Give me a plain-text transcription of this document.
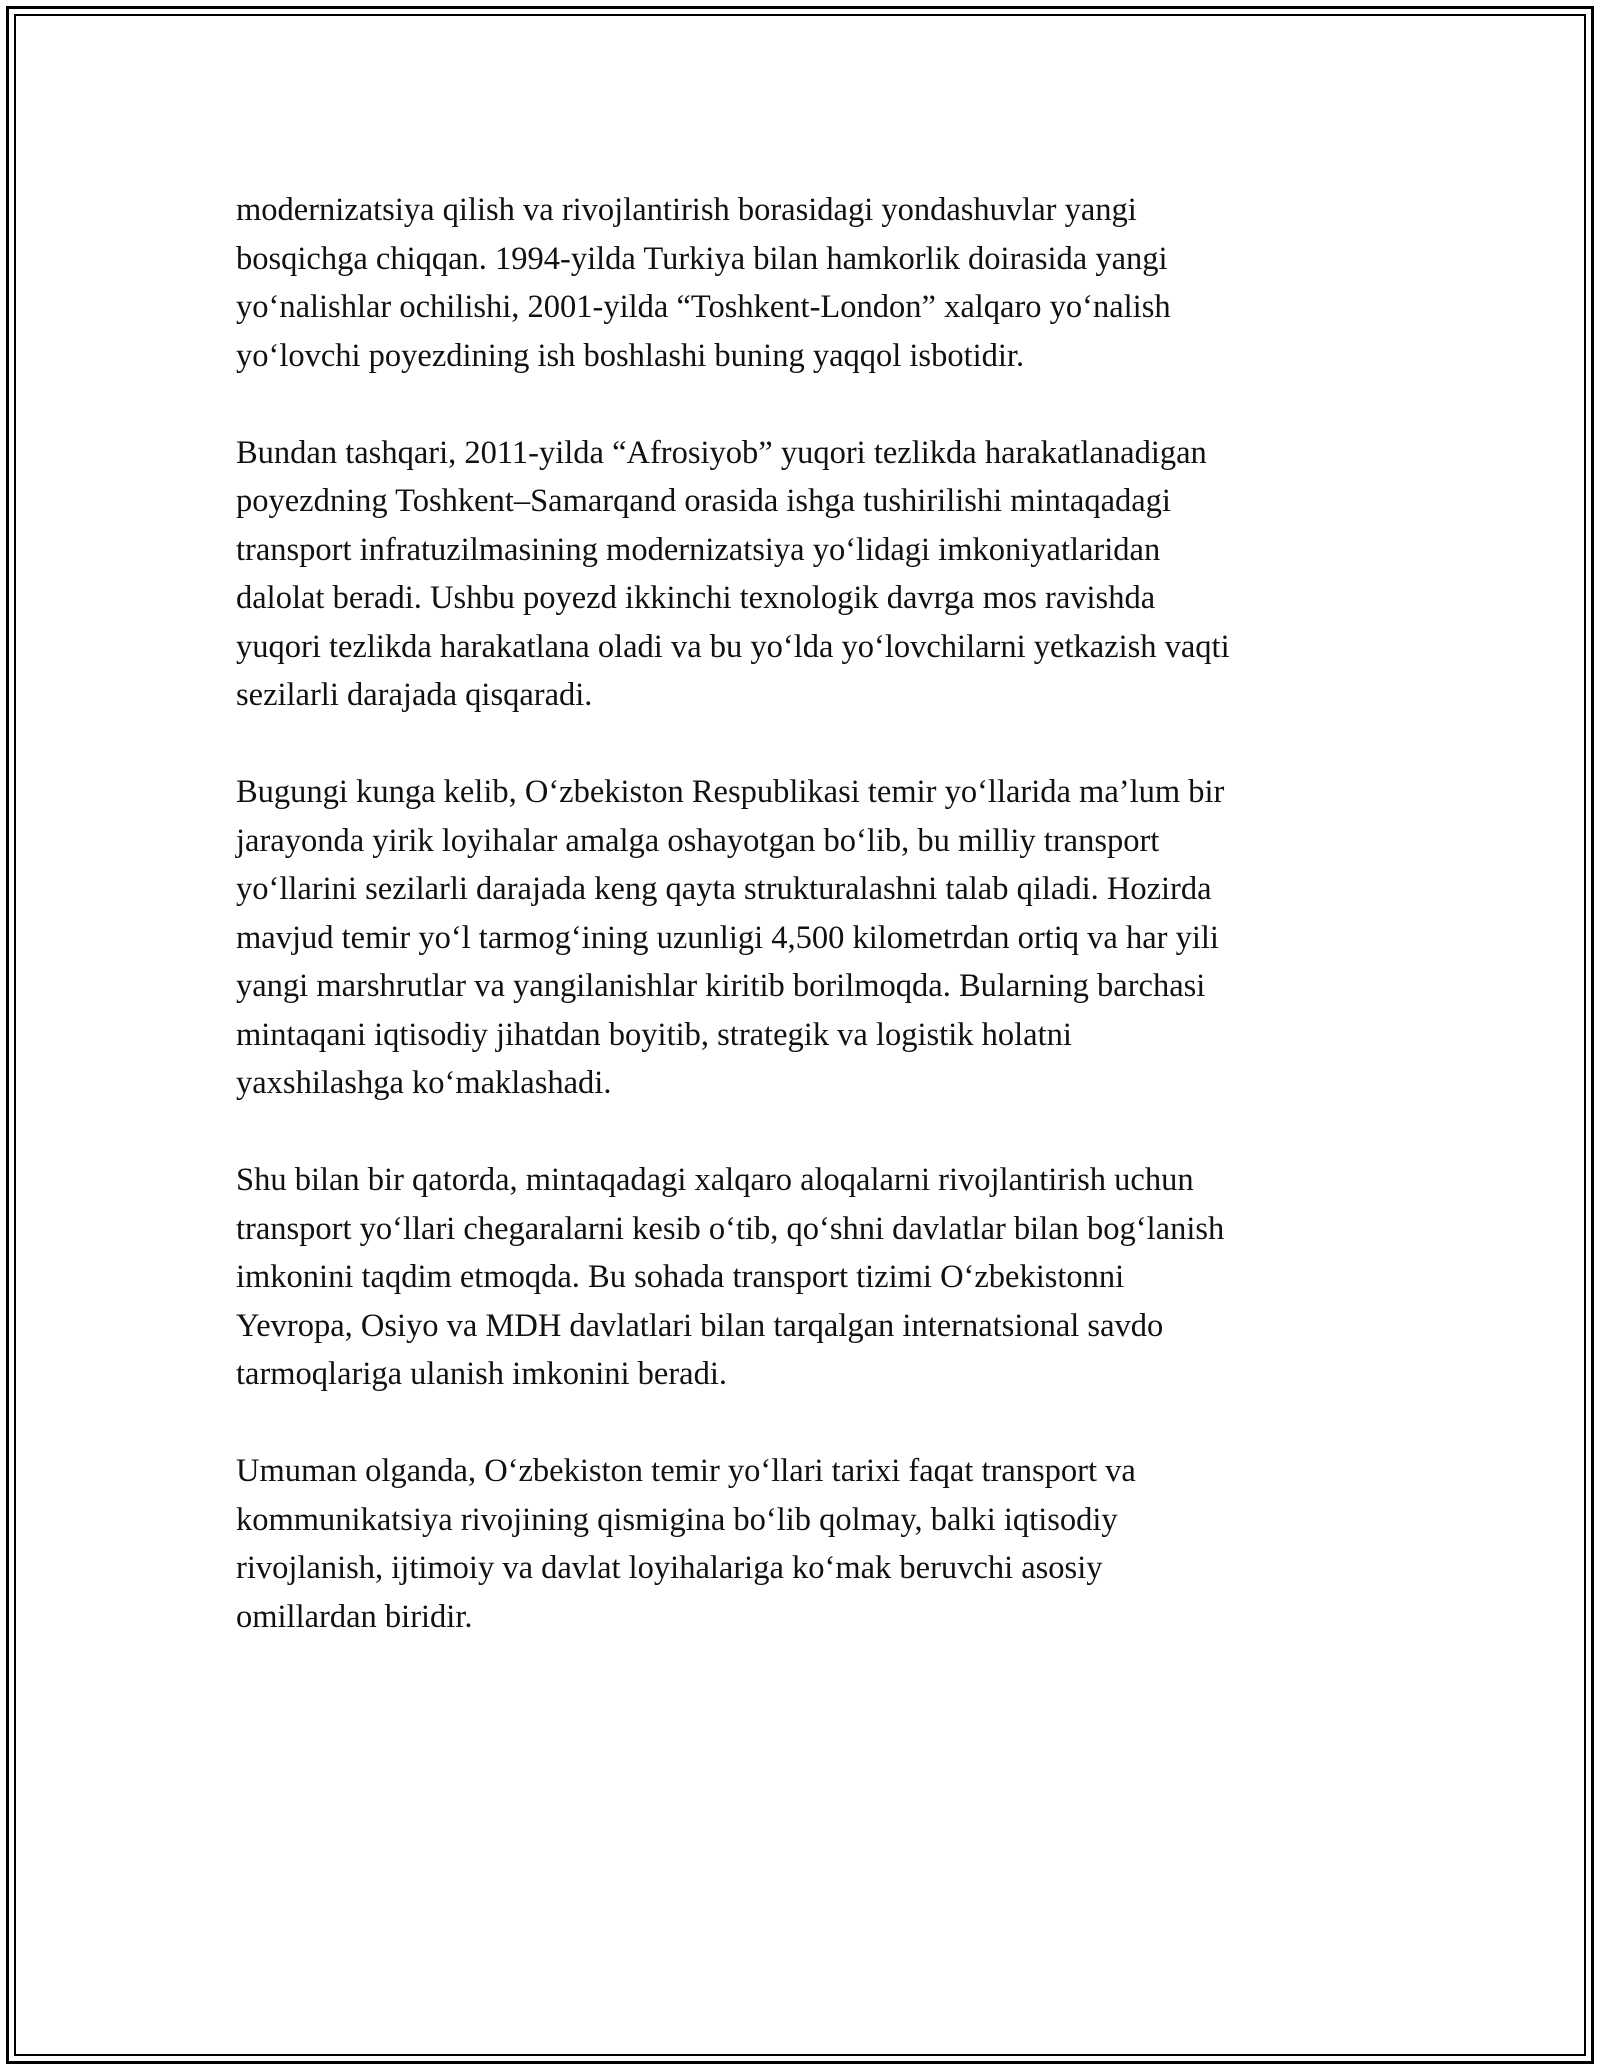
modernizatsiya qilish va rivojlantirish borasidagi yondashuvlar yangi
bosqichga chiqqan. 1994-yilda Turkiya bilan hamkorlik doirasida yangi
yo‘nalishlar ochilishi, 2001-yilda “Toshkent-London” xalqaro yo‘nalish
yo‘lovchi poyezdining ish boshlashi buning yaqqol isbotidir.

Bundan tashqari, 2011-yilda “Afrosiyob” yuqori tezlikda harakatlanadigan
poyezdning Toshkent–Samarqand orasida ishga tushirilishi mintaqadagi
transport infratuzilmasining modernizatsiya yo‘lidagi imkoniyatlaridan
dalolat beradi. Ushbu poyezd ikkinchi texnologik davrga mos ravishda
yuqori tezlikda harakatlana oladi va bu yo‘lda yo‘lovchilarni yetkazish vaqti
sezilarli darajada qisqaradi.

Bugungi kunga kelib, O‘zbekiston Respublikasi temir yo‘llarida ma’lum bir
jarayonda yirik loyihalar amalga oshayotgan bo‘lib, bu milliy transport
yo‘llarini sezilarli darajada keng qayta strukturalashni talab qiladi. Hozirda
mavjud temir yo‘l tarmog‘ining uzunligi 4,500 kilometrdan ortiq va har yili
yangi marshrutlar va yangilanishlar kiritib borilmoqda. Bularning barchasi
mintaqani iqtisodiy jihatdan boyitib, strategik va logistik holatni
yaxshilashga ko‘maklashadi.

Shu bilan bir qatorda, mintaqadagi xalqaro aloqalarni rivojlantirish uchun
transport yo‘llari chegaralarni kesib o‘tib, qo‘shni davlatlar bilan bog‘lanish
imkonini taqdim etmoqda. Bu sohada transport tizimi O‘zbekistonni
Yevropa, Osiyo va MDH davlatlari bilan tarqalgan internatsional savdo
tarmoqlariga ulanish imkonini beradi.

Umuman olganda, O‘zbekiston temir yo‘llari tarixi faqat transport va
kommunikatsiya rivojining qismigina bo‘lib qolmay, balki iqtisodiy
rivojlanish, ijtimoiy va davlat loyihalariga ko‘mak beruvchi asosiy
omillardan biridir.
